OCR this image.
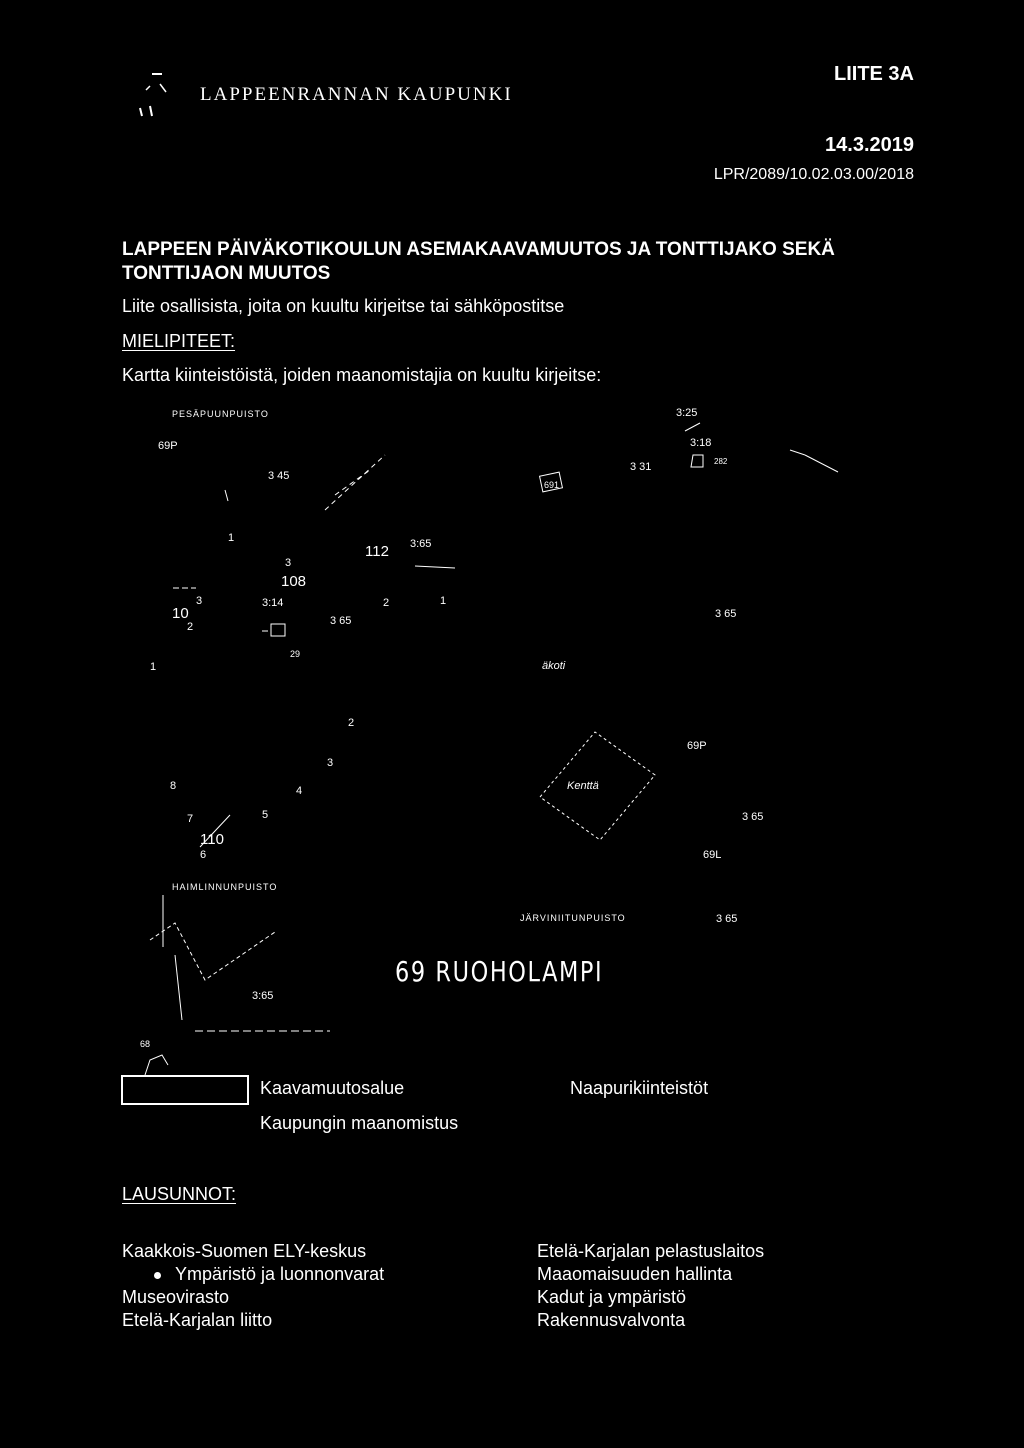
LAPPEENRANNAN KAUPUNKI
LIITE 3A
14.3.2019
LPR/2089/10.02.03.00/2018
LAPPEEN PÄIVÄKOTIKOULUN ASEMAKAAVAMUUTOS JA TONTTIJAKO SEKÄ
TONTTIJAON MUUTOS
Liite osallisista, joita on kuultu kirjeitse tai sähköpostitse
MIELIPITEET:
Kartta kiinteistöistä, joiden maanomistajia on kuultu kirjeitse:
PESÄPUUNPUISTO
HAIMLINNUNPUISTO
JÄRVINIITUNPUISTO
69 RUOHOLAMPI
Kenttä
äkoti
69P
3 45
3:25
3:18
282
3 31
691
112 3:65
3
108
10
3:14
3 65
3 65
29
1
1
1
2
2
2
3
3
4
5
6
7
8
110
69P
3 65
69L
3 65
3:65
68
Kaavamuutosalue
Kaupungin maanomistus
Naapurikiinteistöt
LAUSUNNOT:
Kaakkois-Suomen ELY-keskus
Ympäristö ja luonnonvarat
Museovirasto
Etelä-Karjalan liitto
Etelä-Karjalan pelastuslaitos
Maaomaisuuden hallinta
Kadut ja ympäristö
Rakennusvalvonta
